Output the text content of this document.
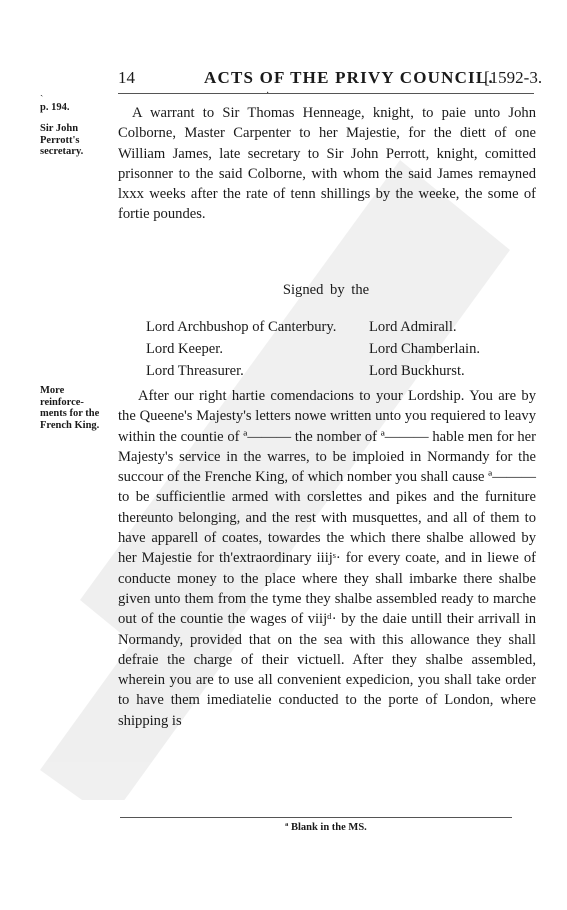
ˎ
14	ACTS OF THE PRIVY COUNCIL.
[1592-3.
p. 194.
Sir John
Perrott's
secretary.

A warrant to Sir Thomas Henneage, knight, to paie unto John Colborne, Master Carpenter to her Majestie, for the diett of one William James, late secretary to Sir John Perrott, knight, comitted prisonner to the said Colborne, with whom the said James remayned lxxx weeks after the rate of tenn shillings by the weeke, the some of fortie poundes.

Signed by the
Lord Archbushop of Canterbury.
Lord Keeper.
Lord Threasurer.
Lord Admirall.
Lord Chamberlain.
Lord Buckhurst.
More
reinforce-
ments for the
French King.

After our right hartie comendacions to your Lordship. You are by the Queene's Majesty's letters nowe written unto you requiered to leavy within the countie of ª——— the nomber of ª——— hable men for her Majesty's service in the warres, to be imploied in Normandy for the succour of the Frenche King, of which nomber you shall cause ª——— to be sufficientlie armed with corslettes and pikes and the furniture thereunto belonging, and the rest with musquettes, and all of them to have apparell of coates, towardes the which there shalbe allowed by her Majestie for th'extraordinary iiijˢ· for every coate, and in liewe of conducte money to the place where they shall imbarke there shalbe given unto them from the tyme they shalbe assembled ready to marche out of the countie the wages of viijᵈ· by the daie untill their arrivall in Normandy, provided that on the sea with this allowance they shall defraie the charge of their victuell. After they shalbe assembled, wherein you are to use all convenient expedicion, you shall take order to have them imediatelie conducted to the porte of London, where shipping is

ª Blank in the MS.
